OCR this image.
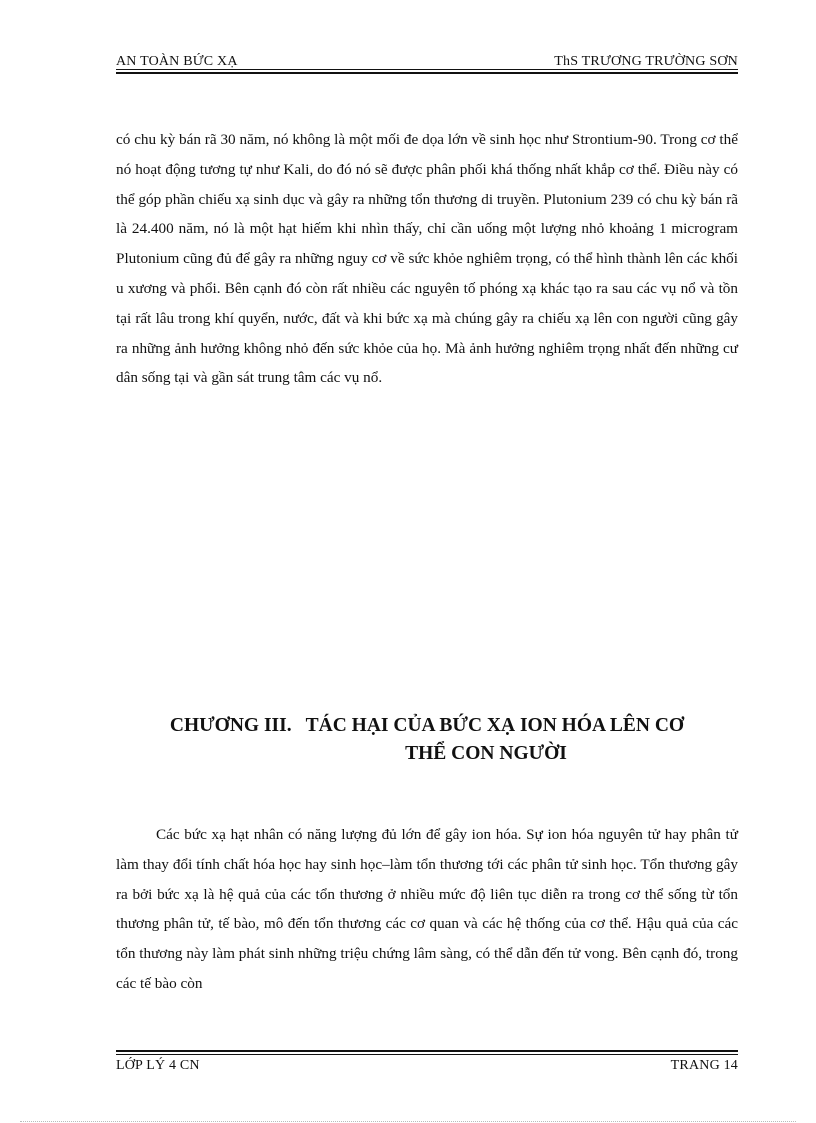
AN TOÀN BỨC XẠ	ThS TRƯƠNG TRƯỜNG SƠN

có chu kỳ bán rã 30 năm, nó không là một mối đe dọa lớn về sinh học như Strontium-90. Trong cơ thể nó hoạt động tương tự như Kali, do đó nó sẽ được phân phối khá thống nhất khắp cơ thể. Điều này có thể góp phần chiếu xạ sinh dục và gây ra những tổn thương di truyền. Plutonium 239 có chu kỳ bán rã là 24.400 năm, nó là một hạt hiếm khi nhìn thấy, chỉ cần uống một lượng nhỏ khoảng 1 microgram Plutonium cũng đủ để gây ra những nguy cơ về sức khỏe nghiêm trọng, có thể hình thành lên các khối u xương và phổi. Bên cạnh đó còn rất nhiều các nguyên tố phóng xạ khác tạo ra sau các vụ nổ và tồn tại rất lâu trong khí quyển, nước, đất và khi bức xạ mà chúng gây ra chiếu xạ lên con người cũng gây ra những ảnh hưởng không nhỏ đến sức khỏe của họ. Mà ảnh hưởng nghiêm trọng nhất đến những cư dân sống tại và gần sát trung tâm các vụ nổ.

CHƯƠNG III. TÁC HẠI CỦA BỨC XẠ ION HÓA LÊN CƠ
THỂ CON NGƯỜI

Các bức xạ hạt nhân có năng lượng đủ lớn để gây ion hóa. Sự ion hóa nguyên tử hay phân tử làm thay đổi tính chất hóa học hay sinh học–làm tổn thương tới các phân tử sinh học. Tổn thương gây ra bởi bức xạ là hệ quả của các tổn thương ở nhiều mức độ liên tục diễn ra trong cơ thể sống từ tổn thương phân tử, tế bào, mô đến tổn thương các cơ quan và các hệ thống của cơ thể. Hậu quả của các tổn thương này làm phát sinh những triệu chứng lâm sàng, có thể dẫn đến tử vong. Bên cạnh đó, trong các tế bào còn

LỚP LÝ 4 CN	TRANG 14
